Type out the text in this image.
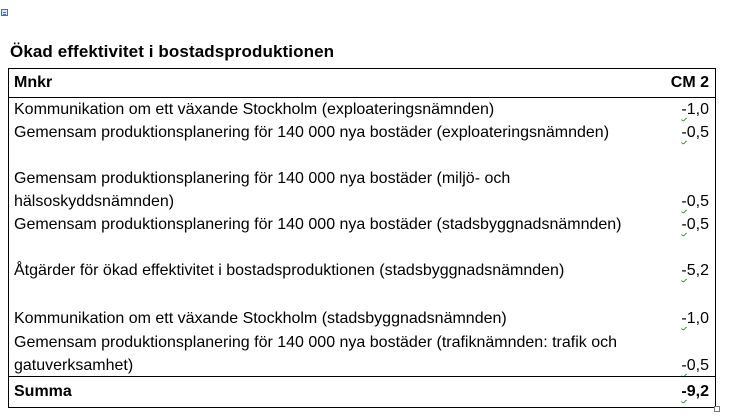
Ökad effektivitet i bostadsproduktionen
Mnkr	CM 2
Kommunikation om ett växande Stockholm (exploateringsnämnden)	-1,0
Gemensam produktionsplanering för 140 000 nya bostäder (exploateringsnämnden)	-0,5
Gemensam produktionsplanering för 140 000 nya bostäder (miljö- och hälsoskyddsnämnden)	-0,5
Gemensam produktionsplanering för 140 000 nya bostäder (stadsbyggnadsnämnden)	-0,5
Åtgärder för ökad effektivitet i bostadsproduktionen (stadsbyggnadsnämnden)	-5,2
Kommunikation om ett växande Stockholm (stadsbyggnadsnämnden)	-1,0
Gemensam produktionsplanering för 140 000 nya bostäder (trafiknämnden: trafik och gatuverksamhet)	-0,5
Summa	-9,2
